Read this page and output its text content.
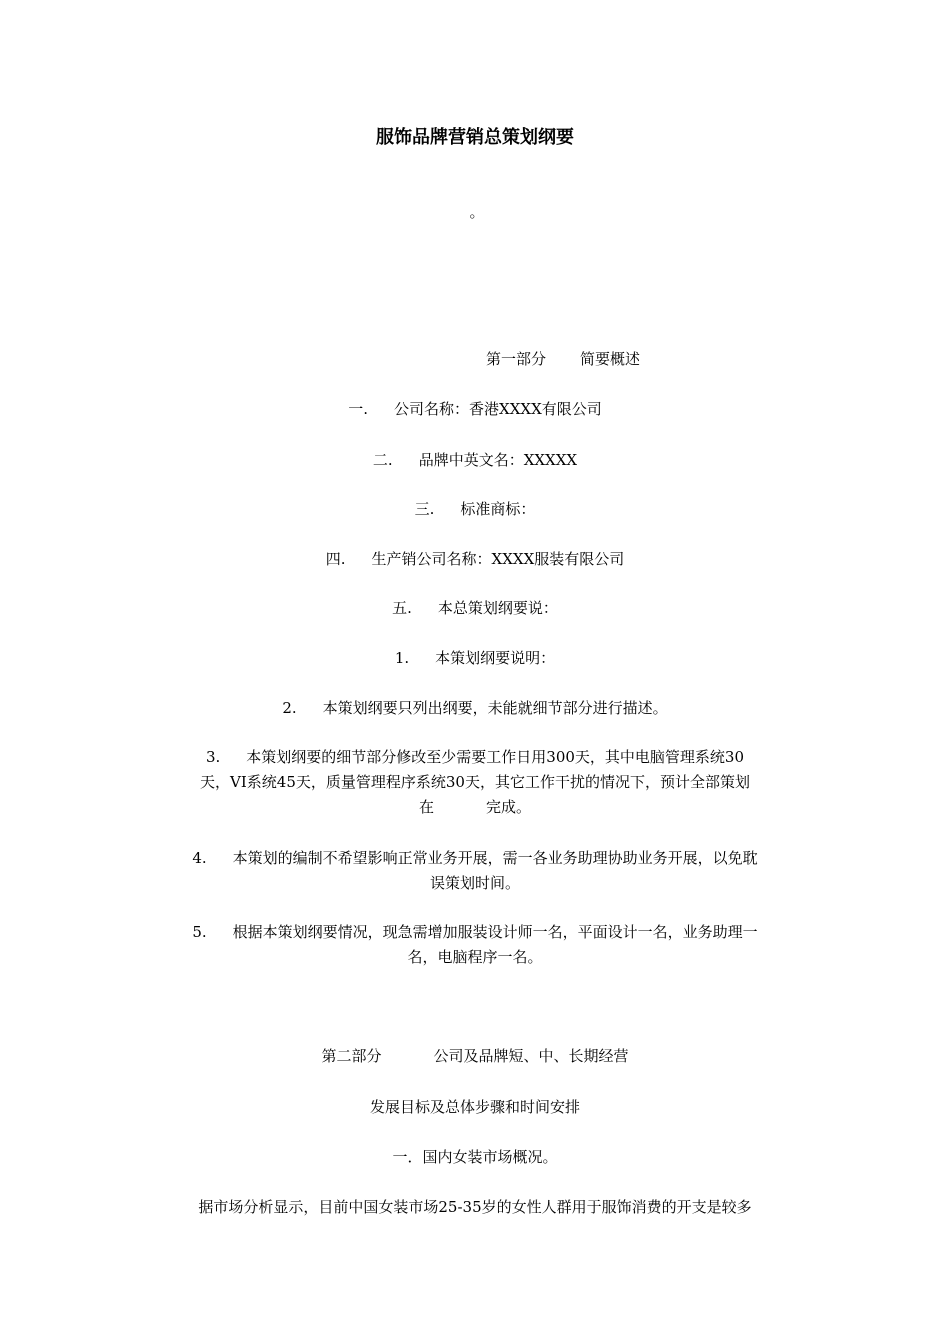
服饰品牌营销总策划纲要
。
第一部分 简要概述
一. 公司名称：香港XXXX有限公司
二. 品牌中英文名：XXXXX
三. 标准商标：
四. 生产销公司名称：XXXX服装有限公司
五. 本总策划纲要说：
1. 本策划纲要说明：
2. 本策划纲要只列出纲要，未能就细节部分进行描述。
3. 本策划纲要的细节部分修改至少需要工作日用300天，其中电脑管理系统30
天，VI系统45天，质量管理程序系统30天，其它工作干扰的情况下，预计全部策划
在	完成。
4. 本策划的编制不希望影响正常业务开展，需一各业务助理协助业务开展，以免耽
误策划时间。
5. 根据本策划纲要情况，现急需增加服装设计师一名，平面设计一名，业务助理一
名，电脑程序一名。
第二部分	公司及品牌短、中、长期经营
发展目标及总体步骤和时间安排
一．国内女装市场概况。
据市场分析显示，目前中国女装市场25-35岁的女性人群用于服饰消费的开支是较多
